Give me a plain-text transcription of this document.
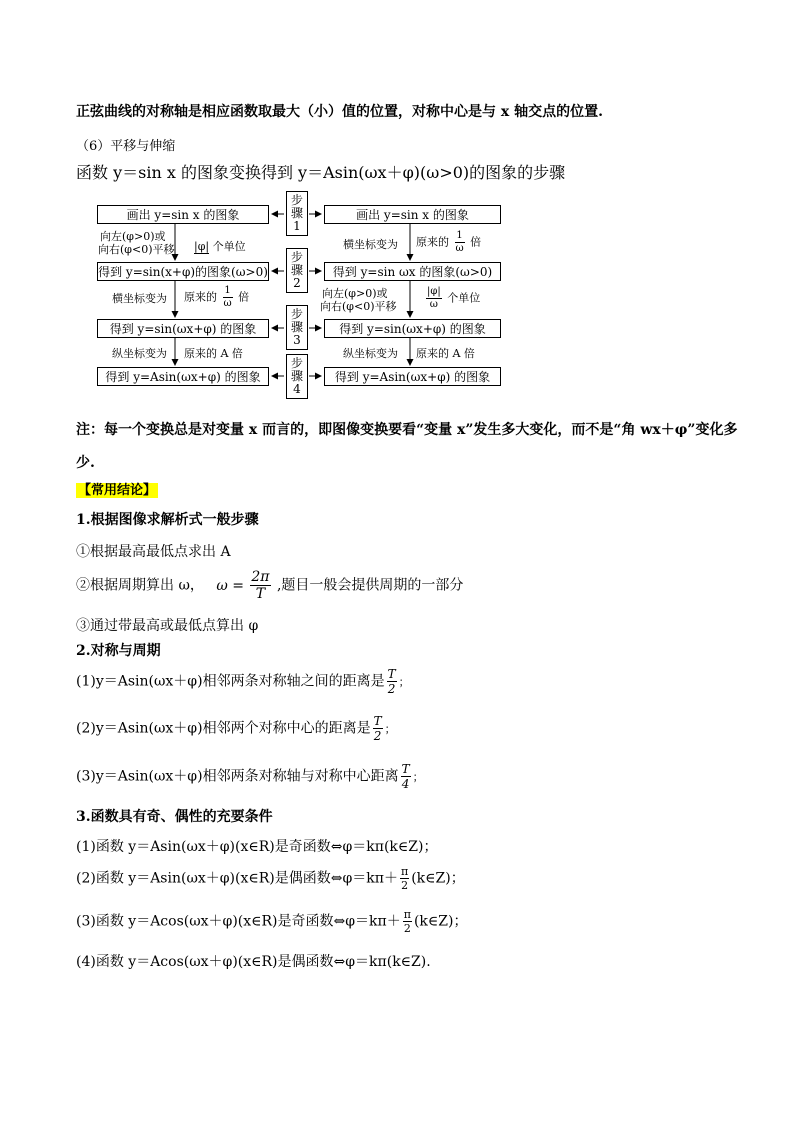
正弦曲线的对称轴是相应函数取最大（小）值的位置，对称中心是与 x 轴交点的位置.
（6）平移与伸缩
函数 y＝sin x 的图象变换得到 y＝Asin(ωx＋φ)(ω>0)的图象的步骤
画出 y=sin x 的图象
得到 y=sin(x+φ)的图象(ω>0)
得到 y=sin(ωx+φ) 的图象
得到 y=Asin(ωx+φ) 的图象
画出 y=sin x 的图象
得到 y=sin ωx 的图象(ω>0)
得到 y=sin(ωx+φ) 的图象
得到 y=Asin(ωx+φ) 的图象
步
骤
1
步
骤
2
步
骤
3
步
骤
4
向左(φ>0)或
向右(φ<0)平移 |φ| 个单位
横坐标变为 原来的 $\frac{1}{\omega}$ 倍
纵坐标变为 原来的 A 倍
横坐标变为 原来的 $\frac{1}{\omega}$ 倍
向左(φ>0)或
向右(φ<0)平移	$\frac{|\varphi|}{\omega}$ 个单位
纵坐标变为 原来的 A 倍
注：每一个变换总是对变量 x 而言的，即图像变换要看“变量 x”发生多大变化，而不是“角 wx＋φ”变化多
少.
【常用结论】
1.根据图像求解析式一般步骤
①根据最高最低点求出 A
②根据周期算出 ω， $\omega = \frac{2\pi}{T}$ ,题目一般会提供周期的一部分
③通过带最高或最低点算出 φ
2.对称与周期
(1)y＝Asin(ωx＋φ)相邻两条对称轴之间的距离是 $\frac{T}{2}$ ；
(2)y＝Asin(ωx＋φ)相邻两个对称中心的距离是 $\frac{T}{2}$ ；
(3)y＝Asin(ωx＋φ)相邻两条对称轴与对称中心距离 $\frac{T}{4}$ ；
3.函数具有奇、偶性的充要条件
(1)函数 y＝Asin(ωx＋φ)(x∈R)是奇函数⇔φ＝kπ(k∈Z)；
(2)函数 y＝Asin(ωx＋φ)(x∈R)是偶函数⇔φ＝kπ＋ $\frac{\pi}{2}$ (k∈Z)；
(3)函数 y＝Acos(ωx＋φ)(x∈R)是奇函数⇔φ＝kπ＋ $\frac{\pi}{2}$ (k∈Z)；
(4)函数 y＝Acos(ωx＋φ)(x∈R)是偶函数⇔φ＝kπ(k∈Z).
